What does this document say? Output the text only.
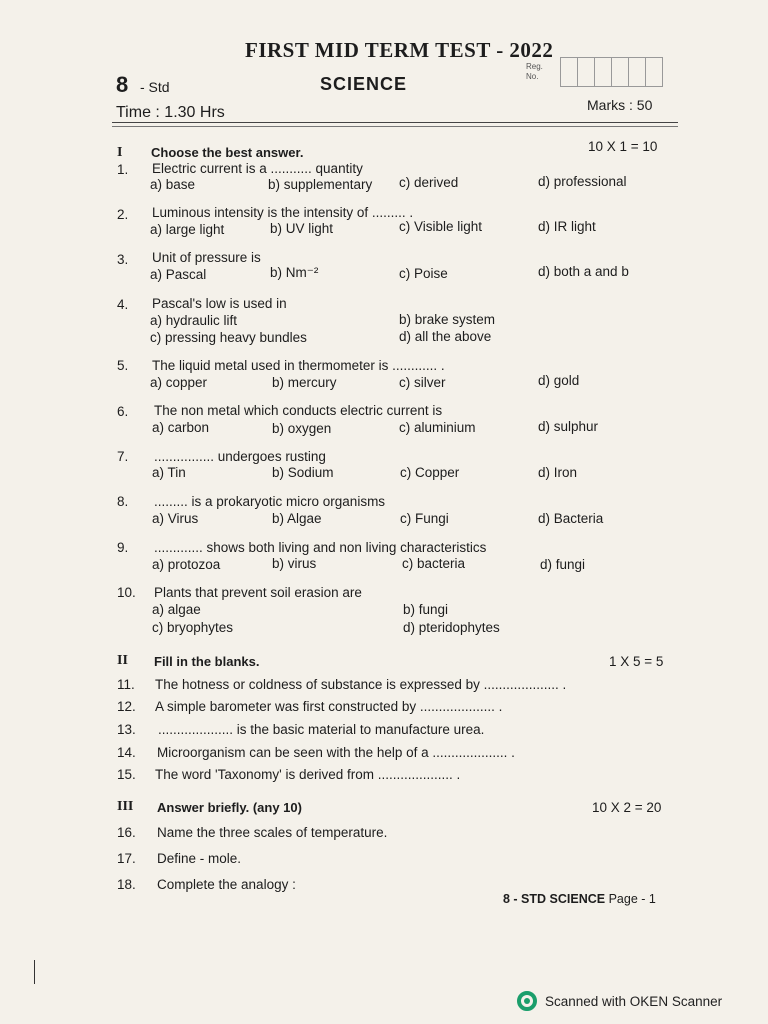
FIRST MID TERM TEST - 2022
8 - Std	SCIENCE
Reg.
No.
Time : 1.30 Hrs	Marks : 50
I Choose the best answer.	10 X 1 = 10
1. Electric current is a ........... quantity
a) base	b) supplementary c) derived	d) professional
2. Luminous intensity is the intensity of ......... .
a) large light	b) UV light	c) Visible light	d) IR light
3. Unit of pressure is
a) Pascal	b) Nm⁻²	c) Poise	d) both a and b
4. Pascal's low is used in
a) hydraulic lift	b) brake system
c) pressing heavy bundles	d) all the above
5. The liquid metal used in thermometer is ............ .
a) copper	b) mercury	c) silver	d) gold
6. The non metal which conducts electric current is
a) carbon	b) oxygen	c) aluminium	d) sulphur
7. ................ undergoes rusting
a) Tin	b) Sodium	c) Copper	d) Iron
8. ......... is a prokaryotic micro organisms
a) Virus	b) Algae	c) Fungi	d) Bacteria
9. ............. shows both living and non living characteristics
a) protozoa	b) virus	c) bacteria	d) fungi
10. Plants that prevent soil erasion are
a) algae	b) fungi
c) bryophytes	d) pteridophytes
II Fill in the blanks.	1 X 5 = 5
11. The hotness or coldness of substance is expressed by .................... .
12. A simple barometer was first constructed by .................... .
13. .................... is the basic material to manufacture urea.
14. Microorganism can be seen with the help of a .................... .
15. The word 'Taxonomy' is derived from .................... .
III Answer briefly. (any 10)	10 X 2 = 20
16. Name the three scales of temperature.
17. Define - mole.
18. Complete the analogy :
8 - STD SCIENCE Page - 1
Scanned with OKEN Scanner
